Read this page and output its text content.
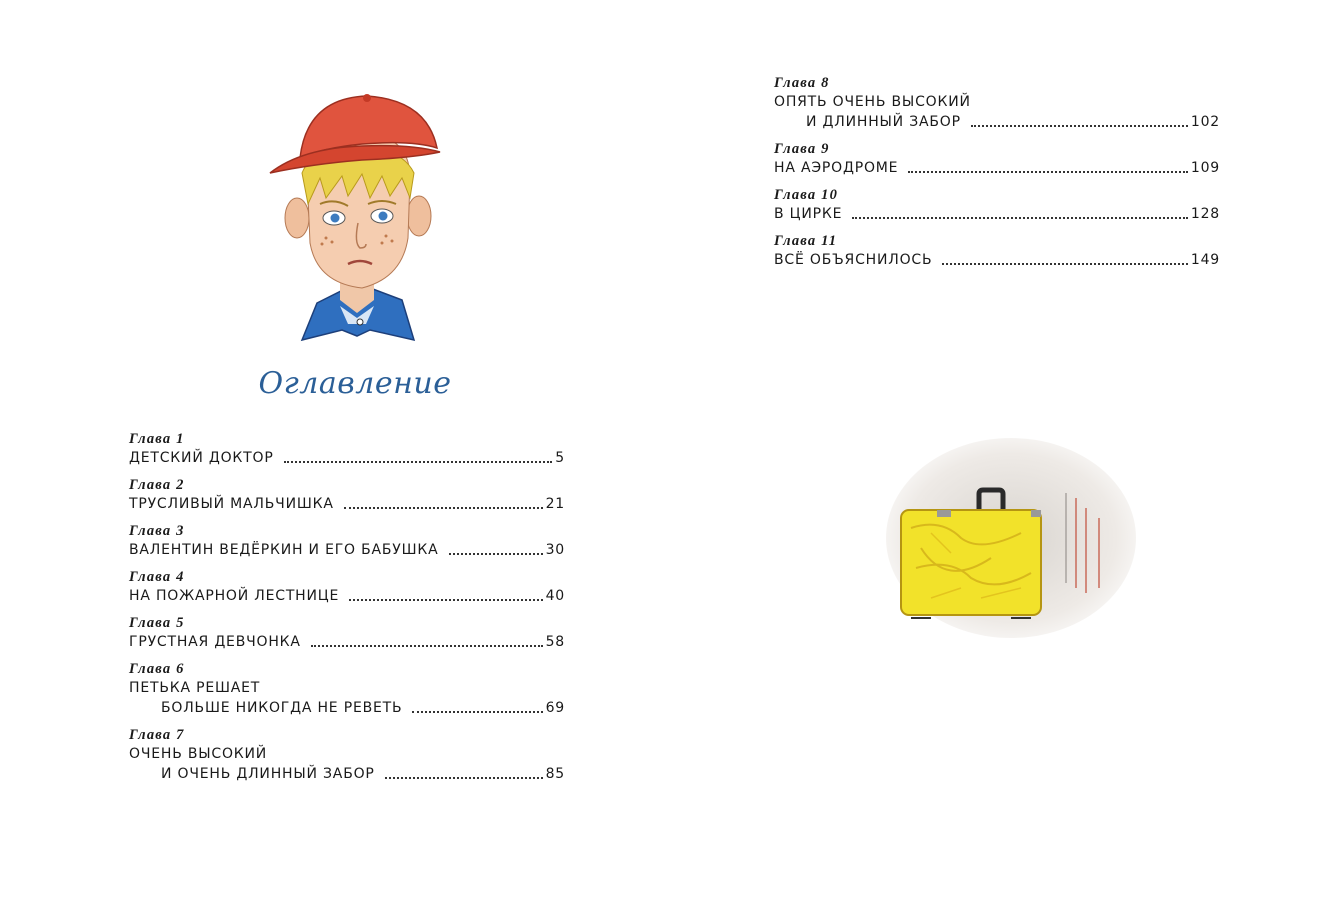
Оглавление
Глава 1
ДЕТСКИЙ ДОКТОР	5
Глава 2
ТРУСЛИВЫЙ МАЛЬЧИШКА	21
Глава 3
ВАЛЕНТИН ВЕДЁРКИН И ЕГО БАБУШКА	30
Глава 4
НА ПОЖАРНОЙ ЛЕСТНИЦЕ	40
Глава 5
ГРУСТНАЯ ДЕВЧОНКА	58
Глава 6
ПЕТЬКА РЕШАЕТ
БОЛЬШЕ НИКОГДА НЕ РЕВЕТЬ	69
Глава 7
ОЧЕНЬ ВЫСОКИЙ
И ОЧЕНЬ ДЛИННЫЙ ЗАБОР	85
Глава 8
ОПЯТЬ ОЧЕНЬ ВЫСОКИЙ
И ДЛИННЫЙ ЗАБОР	102
Глава 9
НА АЭРОДРОМЕ	109
Глава 10
В ЦИРКЕ	128
Глава 11
ВСЁ ОБЪЯСНИЛОСЬ	149
